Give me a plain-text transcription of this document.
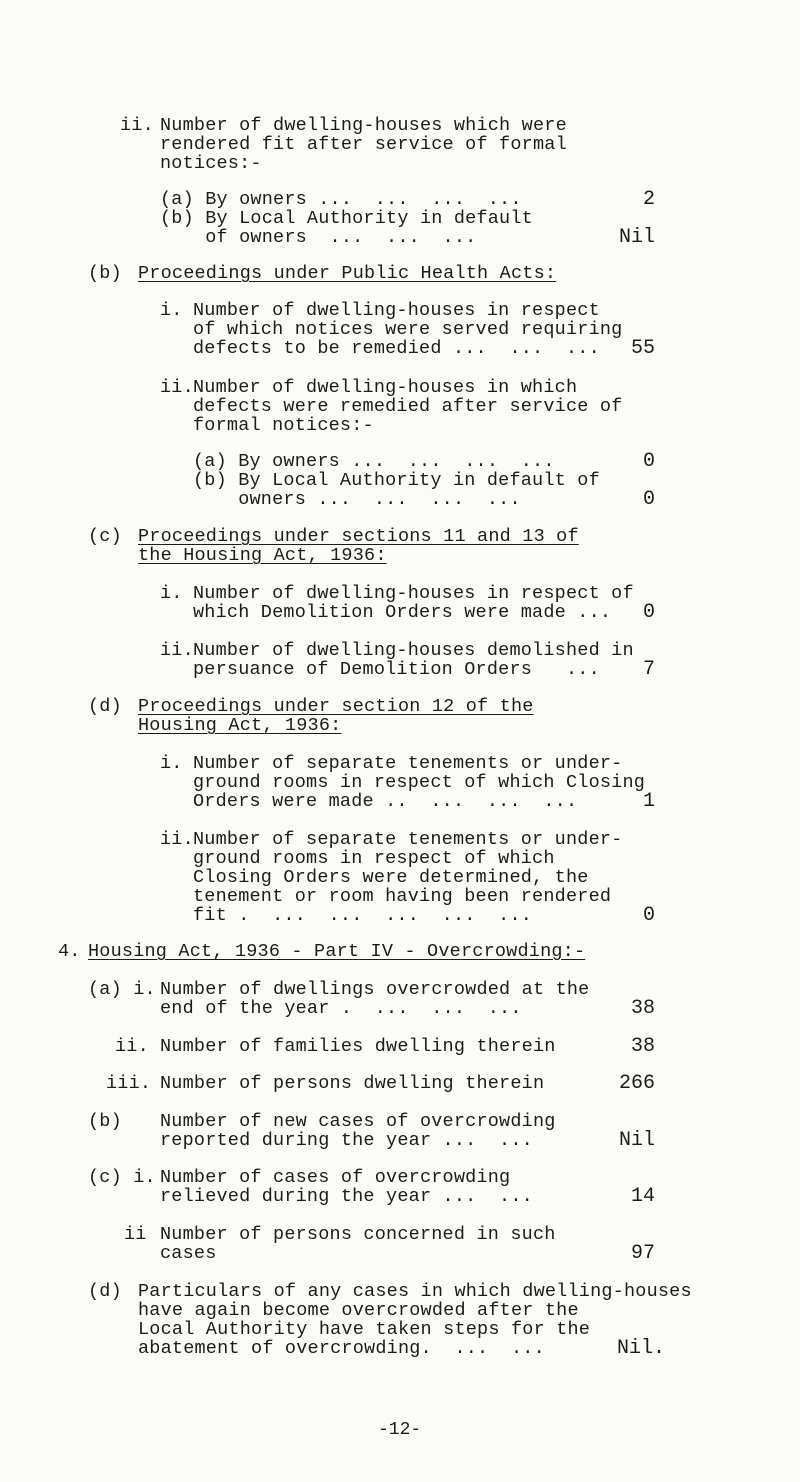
ii. Number of dwelling-houses which were
rendered fit after service of formal
notices:-

(a) By owners ...  ...  ...  ...	2

(b) By Local Authority in default

of owners  ...  ...  ...	Nil

(b) Proceedings under Public Health Acts:

i. Number of dwelling-houses in respect
of which notices were served requiring
defects to be remedied ...  ...  ...	55

ii. Number of dwelling-houses in which
defects were remedied after service of
formal notices:-

(a) By owners ...  ...  ...  ...	0

(b) By Local Authority in default of

owners ...  ...  ...  ...	0

(c) Proceedings under sections 11 and 13 of

the Housing Act, 1936:

i. Number of dwelling-houses in respect of
which Demolition Orders were made ...	0

ii. Number of dwelling-houses demolished in
persuance of Demolition Orders   ...	7

(d) Proceedings under section 12 of the

Housing Act, 1936:

i. Number of separate tenements or under-
ground rooms in respect of which Closing
Orders were made ..  ...  ...  ...	1

ii. Number of separate tenements or under-
ground rooms in respect of which
Closing Orders were determined, the
tenement or room having been rendered
fit .  ...  ...  ...  ...  ...	0

4. Housing Act, 1936 - Part IV - Overcrowding:-

(a) i. Number of dwellings overcrowded at the
end of the year .  ...  ...  ...	38

ii. Number of families dwelling therein	38

iii. Number of persons dwelling therein	266

(b) Number of new cases of overcrowding
reported during the year ...  ...	Nil

(c) i. Number of cases of overcrowding
relieved during the year ...  ...	14

ii Number of persons concerned in such
cases	97

(d) Particulars of any cases in which dwelling-houses
have again become overcrowded after the
Local Authority have taken steps for the
abatement of overcrowding.  ...  ...	Nil.

-12-
